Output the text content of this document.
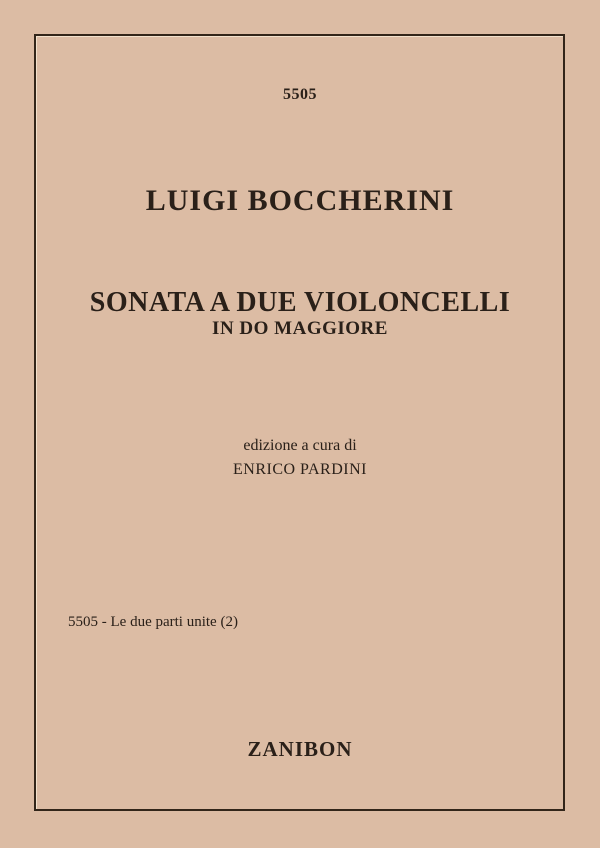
5505
LUIGI BOCCHERINI
SONATA A DUE VIOLONCELLI
IN DO MAGGIORE
edizione a cura di
ENRICO PARDINI
5505 - Le due parti unite (2)
ZANIBON
